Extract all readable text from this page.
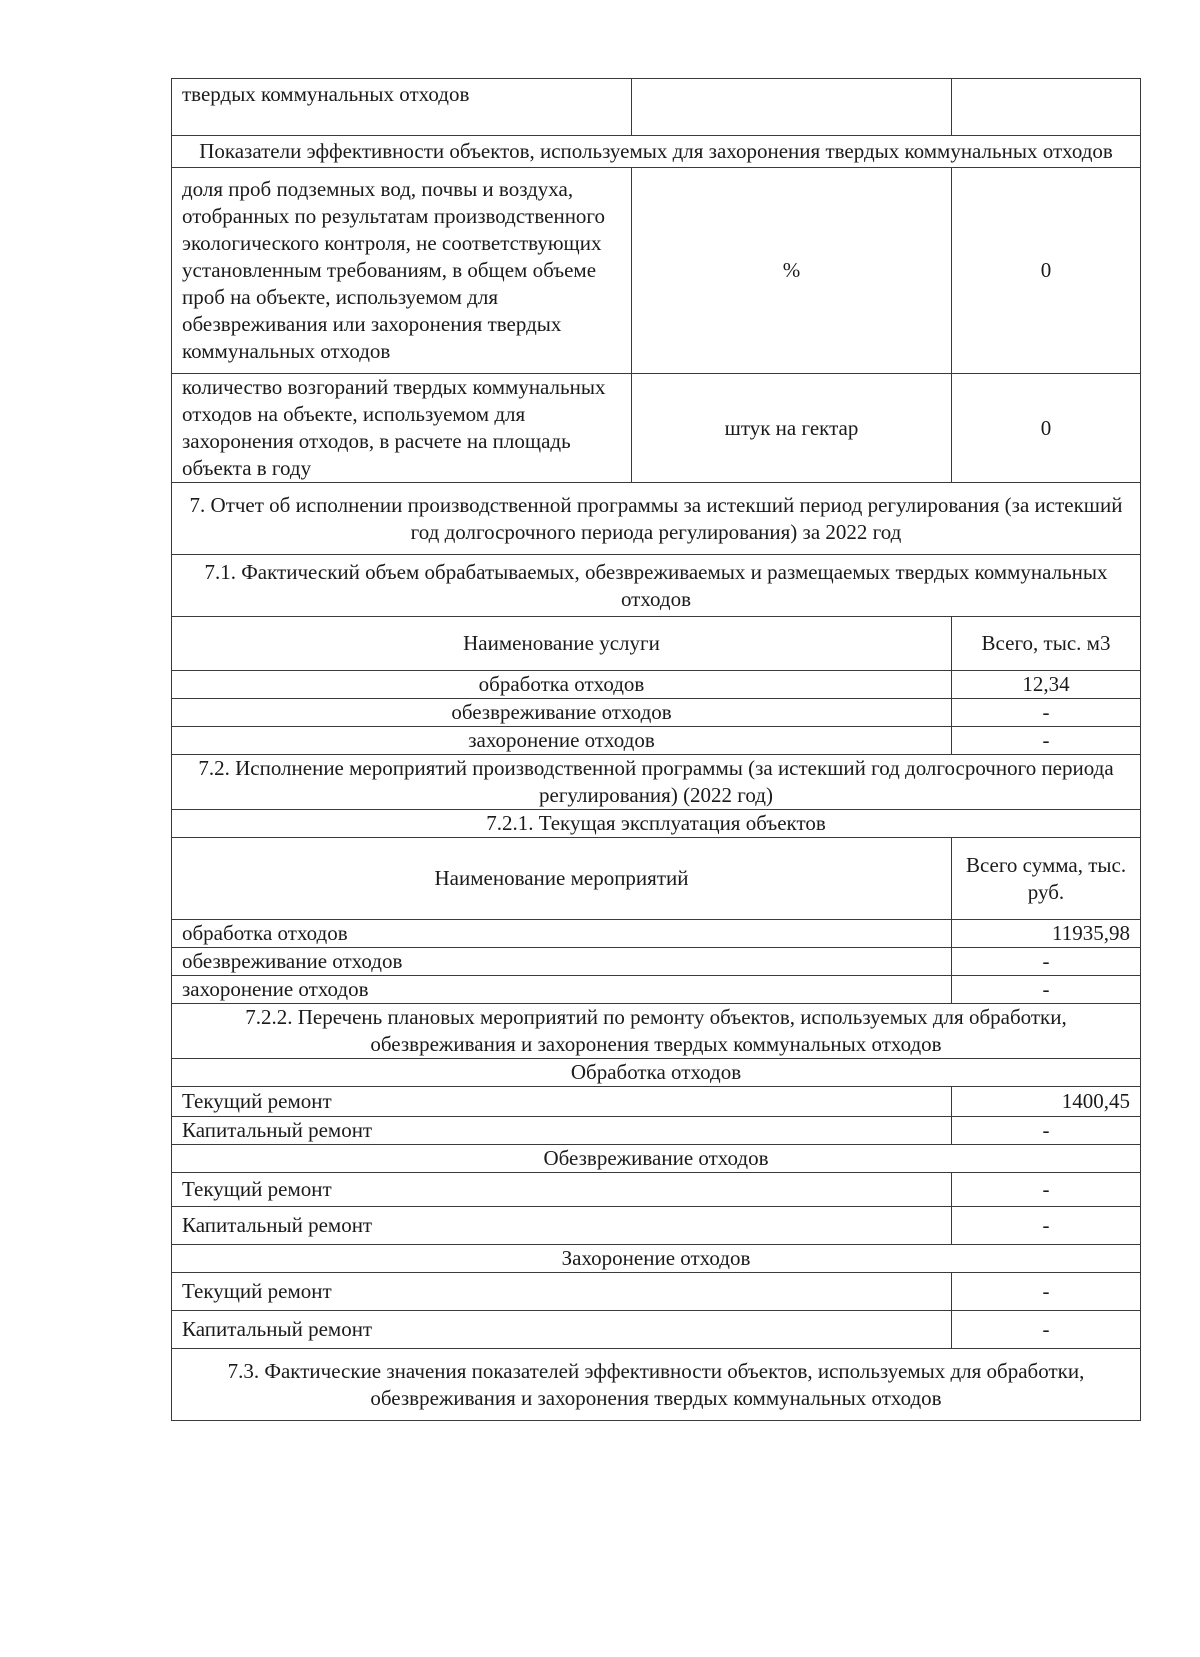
твердых коммунальных отходов		
Показатели эффективности объектов, используемых для захоронения твердых коммунальных отходов		
доля проб подземных вод, почвы и воздуха, отобранных по результатам производственного экологического контроля, не соответствующих установленным требованиям, в общем объеме проб на объекте, используемом для обезвреживания или захоронения твердых коммунальных отходов	%	0
количество возгораний твердых коммунальных отходов на объекте, используемом для захоронения отходов, в расчете на площадь объекта в году	штук на гектар	0
7. Отчет об исполнении производственной программы за истекший период регулирования (за истекший год долгосрочного периода регулирования) за 2022 год		
7.1. Фактический объем обрабатываемых, обезвреживаемых и размещаемых твердых коммунальных отходов		
Наименование услуги		Всего, тыс. м3
обработка отходов		12,34
обезвреживание отходов		-
захоронение отходов		-
7.2. Исполнение мероприятий производственной программы (за истекший год долгосрочного периода регулирования) (2022 год)		
7.2.1. Текущая эксплуатация объектов		
Наименование мероприятий		Всего сумма, тыс. руб.
обработка отходов		11935,98
обезвреживание отходов		-
захоронение отходов		-
7.2.2. Перечень плановых мероприятий по ремонту объектов, используемых для обработки, обезвреживания и захоронения твердых коммунальных отходов		
Обработка отходов		
Текущий ремонт		1400,45
Капитальный ремонт		-
Обезвреживание отходов		
Текущий ремонт		-
Капитальный ремонт		-
Захоронение отходов		
Текущий ремонт		-
Капитальный ремонт		-
7.3. Фактические значения показателей эффективности объектов, используемых для обработки, обезвреживания и захоронения твердых коммунальных отходов		
